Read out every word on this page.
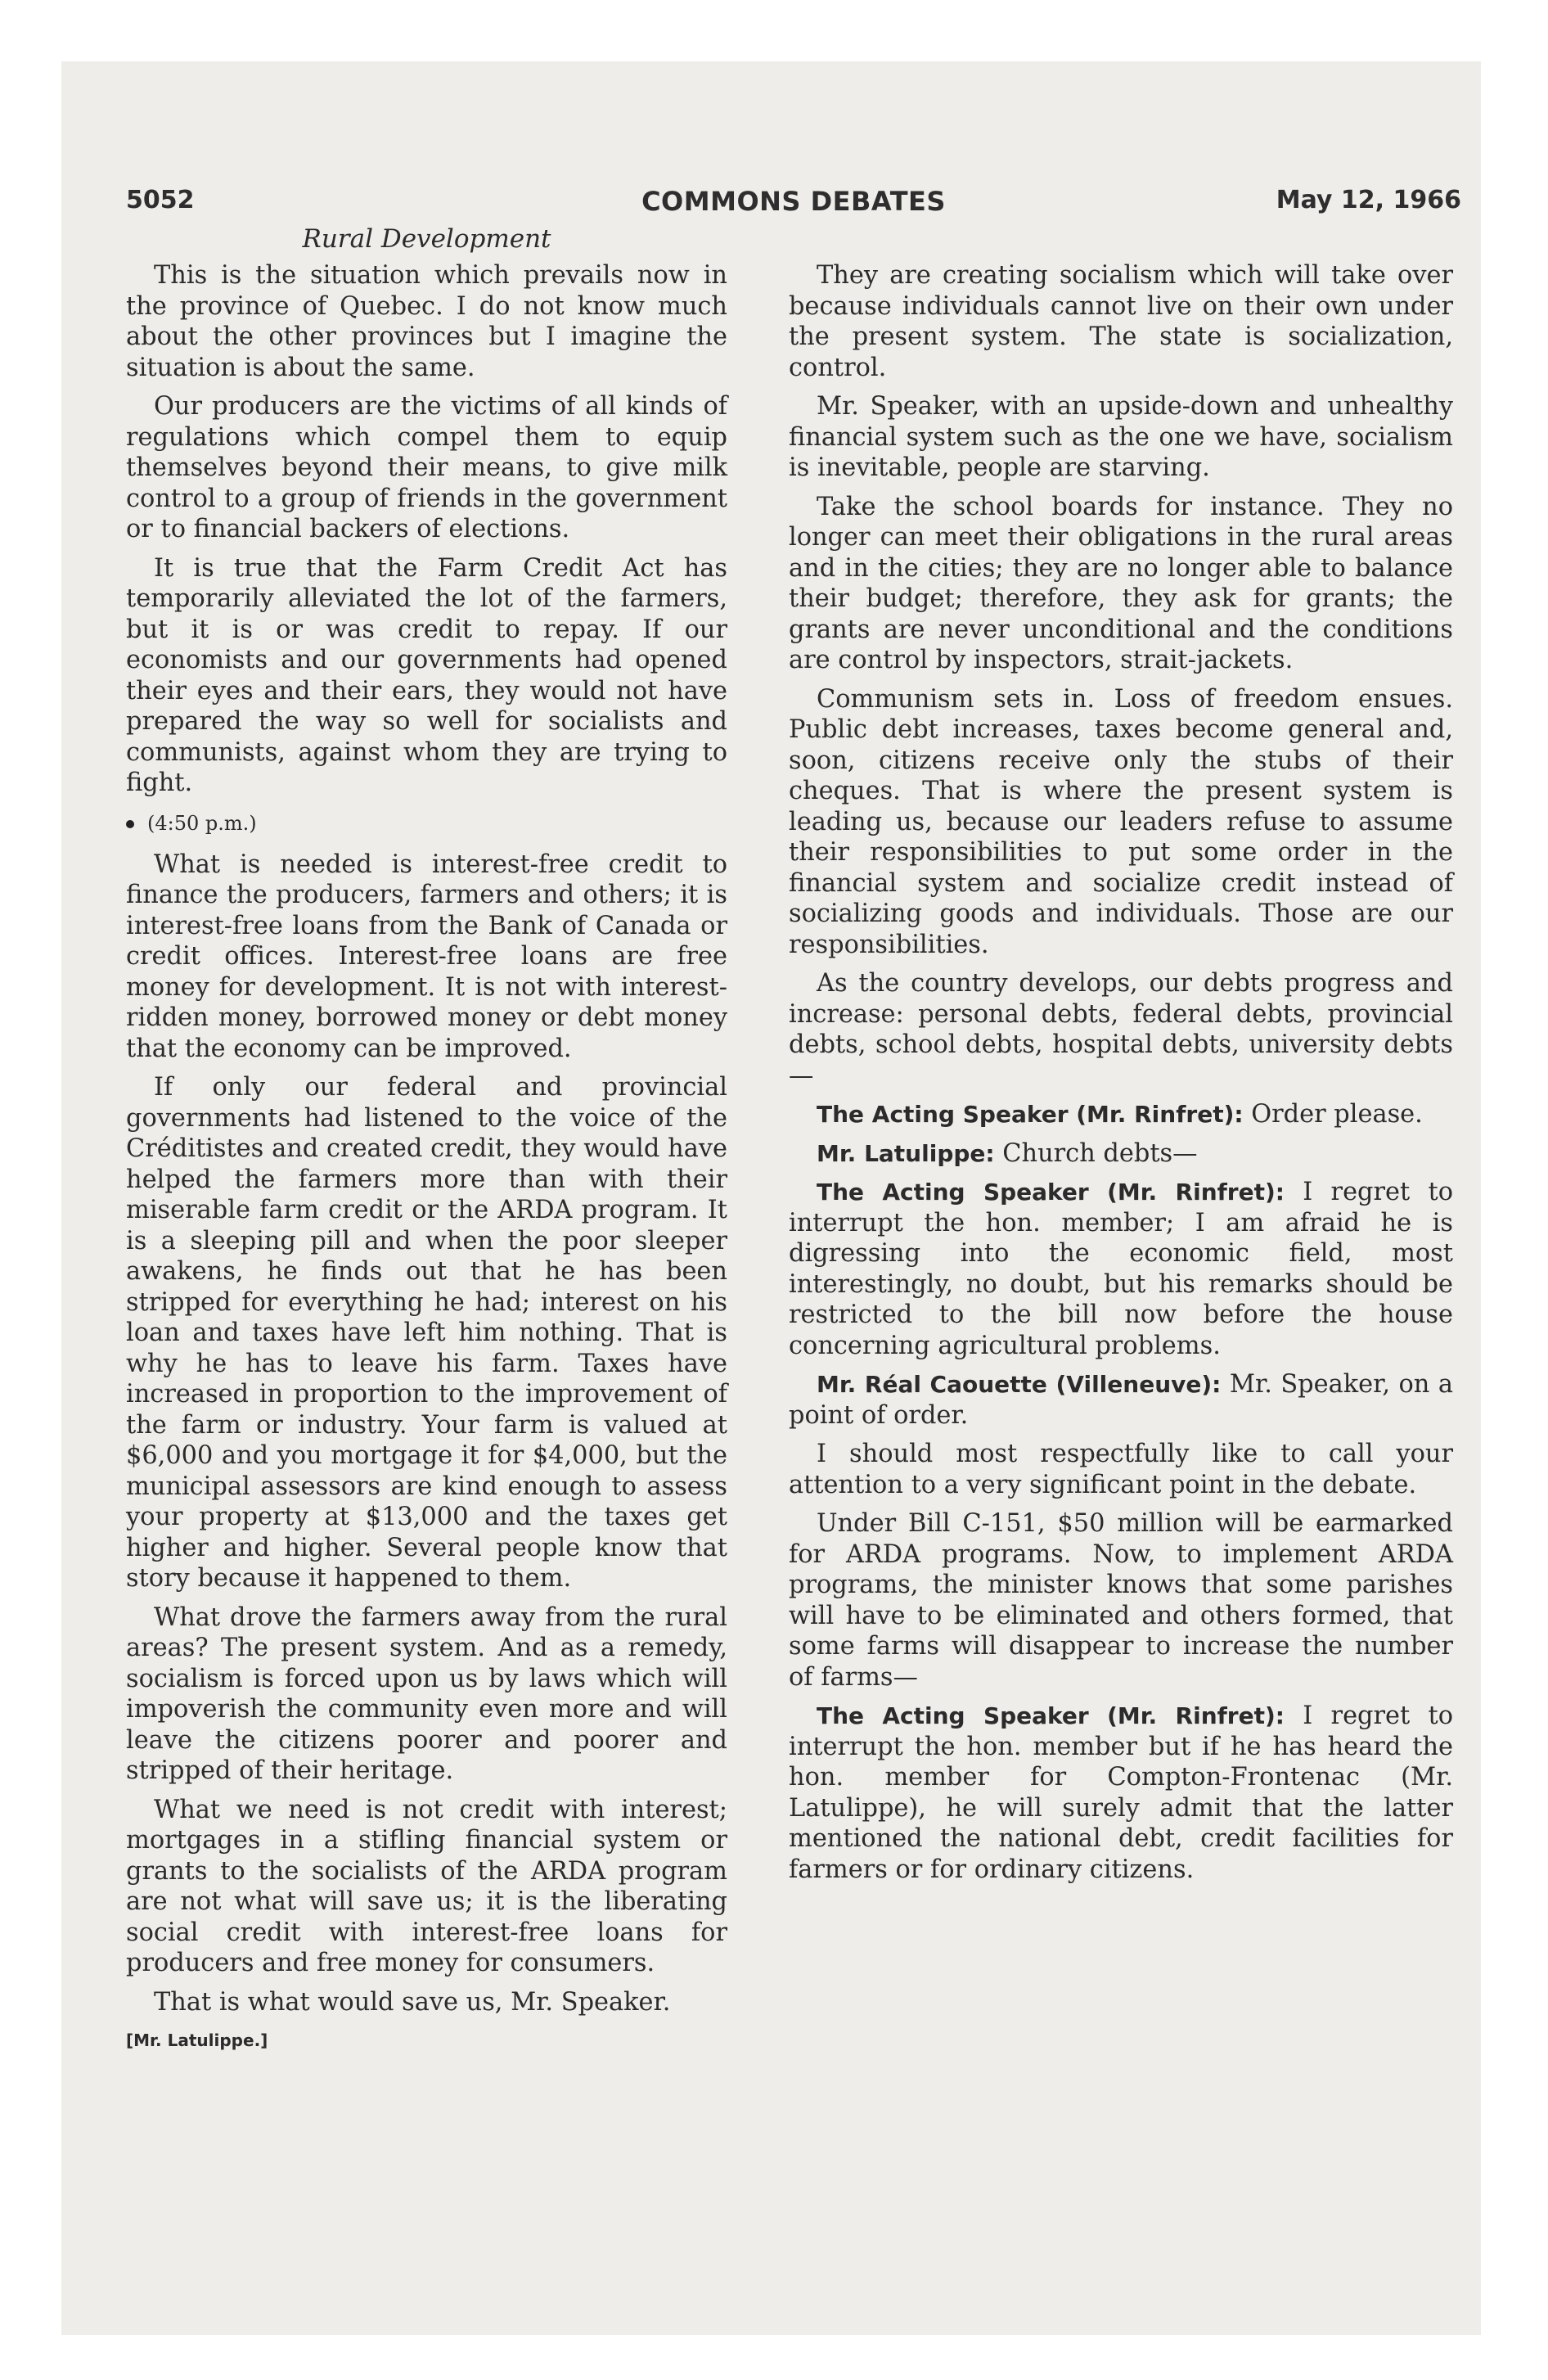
5052	COMMONS DEBATES	May 12, 1966
Rural Development

This is the situation which prevails now in the province of Quebec. I do not know much about the other provinces but I imagine the situation is about the same.

Our producers are the victims of all kinds of regulations which compel them to equip themselves beyond their means, to give milk control to a group of friends in the government or to financial backers of elections.

It is true that the Farm Credit Act has temporarily alleviated the lot of the farmers, but it is or was credit to repay. If our economists and our governments had opened their eyes and their ears, they would not have prepared the way so well for socialists and communists, against whom they are trying to fight.

(4:50 p.m.)

What is needed is interest-free credit to finance the producers, farmers and others; it is interest-free loans from the Bank of Canada or credit offices. Interest-free loans are free money for development. It is not with interest-ridden money, borrowed money or debt money that the economy can be improved.

If only our federal and provincial governments had listened to the voice of the Créditistes and created credit, they would have helped the farmers more than with their miserable farm credit or the ARDA program. It is a sleeping pill and when the poor sleeper awakens, he finds out that he has been stripped for everything he had; interest on his loan and taxes have left him nothing. That is why he has to leave his farm. Taxes have increased in proportion to the improvement of the farm or industry. Your farm is valued at $6,000 and you mortgage it for $4,000, but the municipal assessors are kind enough to assess your property at $13,000 and the taxes get higher and higher. Several people know that story because it happened to them.

What drove the farmers away from the rural areas? The present system. And as a remedy, socialism is forced upon us by laws which will impoverish the community even more and will leave the citizens poorer and poorer and stripped of their heritage.

What we need is not credit with interest; mortgages in a stifling financial system or grants to the socialists of the ARDA program are not what will save us; it is the liberating social credit with interest-free loans for producers and free money for consumers.

That is what would save us, Mr. Speaker.

[Mr. Latulippe.]

They are creating socialism which will take over because individuals cannot live on their own under the present system. The state is socialization, control.

Mr. Speaker, with an upside-down and unhealthy financial system such as the one we have, socialism is inevitable, people are starving.

Take the school boards for instance. They no longer can meet their obligations in the rural areas and in the cities; they are no longer able to balance their budget; therefore, they ask for grants; the grants are never unconditional and the conditions are control by inspectors, strait-jackets.

Communism sets in. Loss of freedom ensues. Public debt increases, taxes become general and, soon, citizens receive only the stubs of their cheques. That is where the present system is leading us, because our leaders refuse to assume their responsibilities to put some order in the financial system and socialize credit instead of socializing goods and individuals. Those are our responsibilities.

As the country develops, our debts progress and increase: personal debts, federal debts, provincial debts, school debts, hospital debts, university debts—

The Acting Speaker (Mr. Rinfret): Order please.

Mr. Latulippe: Church debts—

The Acting Speaker (Mr. Rinfret): I regret to interrupt the hon. member; I am afraid he is digressing into the economic field, most interestingly, no doubt, but his remarks should be restricted to the bill now before the house concerning agricultural problems.

Mr. Réal Caouette (Villeneuve): Mr. Speaker, on a point of order.

I should most respectfully like to call your attention to a very significant point in the debate.

Under Bill C-151, $50 million will be earmarked for ARDA programs. Now, to implement ARDA programs, the minister knows that some parishes will have to be eliminated and others formed, that some farms will disappear to increase the number of farms—

The Acting Speaker (Mr. Rinfret): I regret to interrupt the hon. member but if he has heard the hon. member for Compton-Frontenac (Mr. Latulippe), he will surely admit that the latter mentioned the national debt, credit facilities for farmers or for ordinary citizens.
